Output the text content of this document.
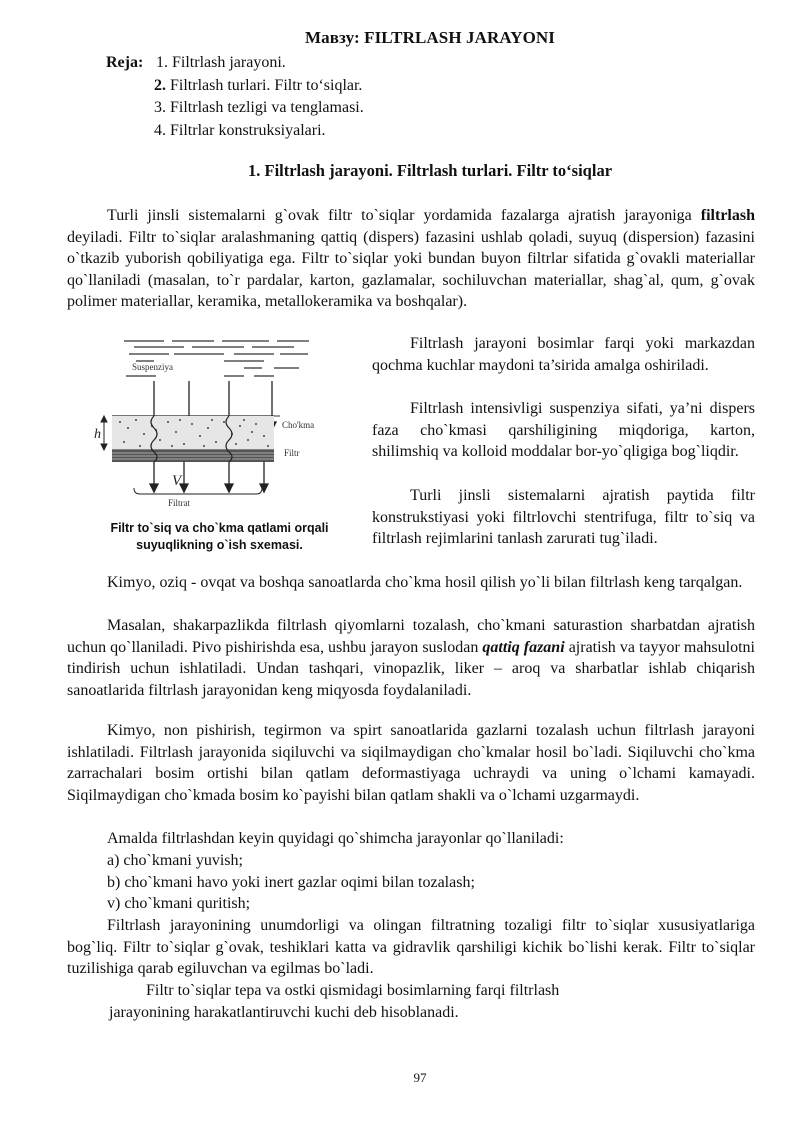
Мавзу: FILTRLASH JARAYONI
Reja: 1. Filtrlash jarayoni.
2. Filtrlash turlari. Filtr to‘siqlar.
3. Filtrlash tezligi va tenglamasi.
4. Filtrlar konstruksiyalari.
1. Filtrlash jarayoni. Filtrlash turlari. Filtr to‘siqlar

Turli jinsli sistemalarni g`ovak filtr to`siqlar yordamida fazalarga ajratish jarayoniga filtrlash deyiladi. Filtr to`siqlar aralashmaning qattiq (dispers) fazasini ushlab qoladi, suyuq (dispersion) fazasini o`tkazib yuborish qobiliyatiga ega. Filtr to`siqlar yoki bundan buyon filtrlar sifatida g`ovakli materiallar qo`llaniladi (masalan, to`r pardalar, karton, gazlamalar, sochiluvchan materiallar, shag`al, qum, g`ovak polimer materiallar, keramika, metallokeramika va boshqalar).

Suspenziya
V
Filtrat
Cho'kma
Filtr
h
Filtr to`siq va cho`kma qatlami orqali suyuqlikning o`ish sxemasi.

Filtrlash jarayoni bosimlar farqi yoki markazdan qochma kuchlar maydoni ta’sirida amalga oshiriladi.

Filtrlash intensivligi suspenziya sifati, ya’ni dispers faza cho`kmasi qarshiligining miqdoriga, karton, shilimshiq va kolloid moddalar bor-yo`qligiga bog`liqdir.

Turli jinsli sistemalarni ajratish paytida filtr konstrukstiyasi yoki filtrlovchi stentrifuga, filtr to`siq va filtrlash rejimlarini tanlash zarurati tug`iladi.

Kimyo, oziq - ovqat va boshqa sanoatlarda cho`kma hosil qilish yo`li bilan filtrlash keng tarqalgan.

Masalan, shakarpazlikda filtrlash qiyomlarni tozalash, cho`kmani saturastion sharbatdan ajratish uchun qo`llaniladi. Pivo pishirishda esa, ushbu jarayon suslodan qattiq fazani ajratish va tayyor mahsulotni tindirish uchun ishlatiladi. Undan tashqari, vinopazlik, liker – aroq va sharbatlar ishlab chiqarish sanoatlarida filtrlash jarayonidan keng miqyosda foydalaniladi.

Kimyo, non pishirish, tegirmon va spirt sanoatlarida gazlarni tozalash uchun filtrlash jarayoni ishlatiladi. Filtrlash jarayonida siqiluvchi va siqilmaydigan cho`kmalar hosil bo`ladi. Siqiluvchi cho`kma zarrachalari bosim ortishi bilan qatlam deformastiyaga uchraydi va uning o`lchami kamayadi. Siqilmaydigan cho`kmada bosim ko`payishi bilan qatlam shakli va o`lchami uzgarmaydi.

Amalda filtrlashdan keyin quyidagi qo`shimcha jarayonlar qo`llaniladi:

a) cho`kmani yuvish;
b) cho`kmani havo yoki inert gazlar oqimi bilan tozalash;
v) cho`kmani quritish;

Filtrlash jarayonining unumdorligi va olingan filtratning tozaligi filtr to`siqlar xususiyatlariga bog`liq. Filtr to`siqlar g`ovak, teshiklari katta va gidravlik qarshiligi kichik bo`lishi kerak. Filtr to`siqlar tuzilishiga qarab egiluvchan va egilmas bo`ladi.

Filtr to`siqlar tepa va ostki qismidagi bosimlarning farqi filtrlash
jarayonining harakatlantiruvchi kuchi deb hisoblanadi.
97
